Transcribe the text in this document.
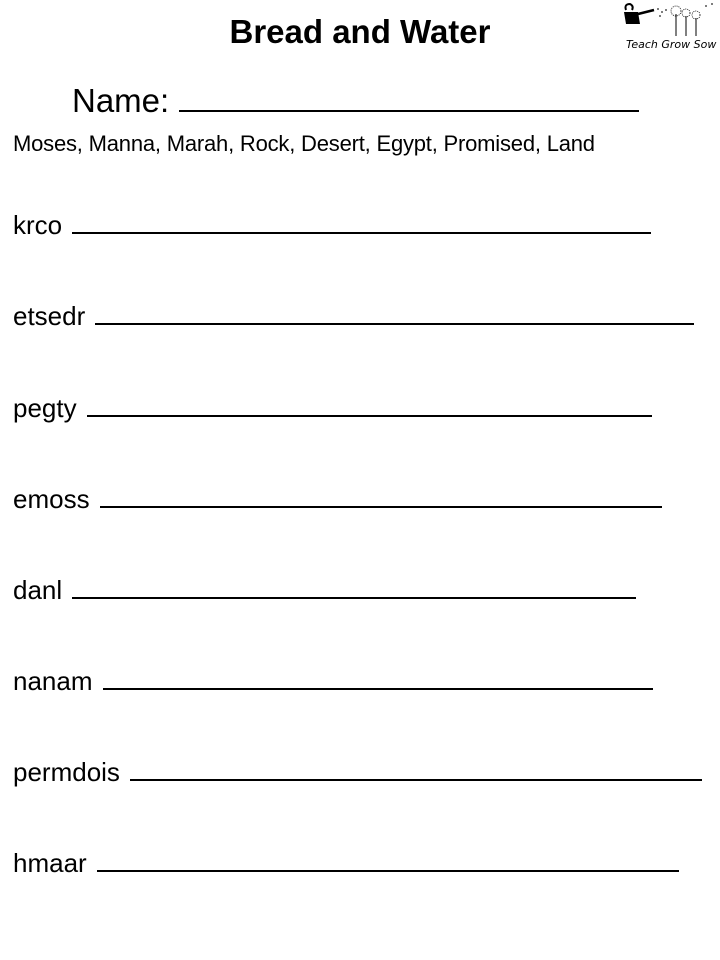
Bread and Water	Teach Grow Sow
Name:
Moses, Manna, Marah, Rock, Desert, Egypt, Promised, Land
krco
etsedr
pegty
emoss
danl
nanam
permdois
hmaar
